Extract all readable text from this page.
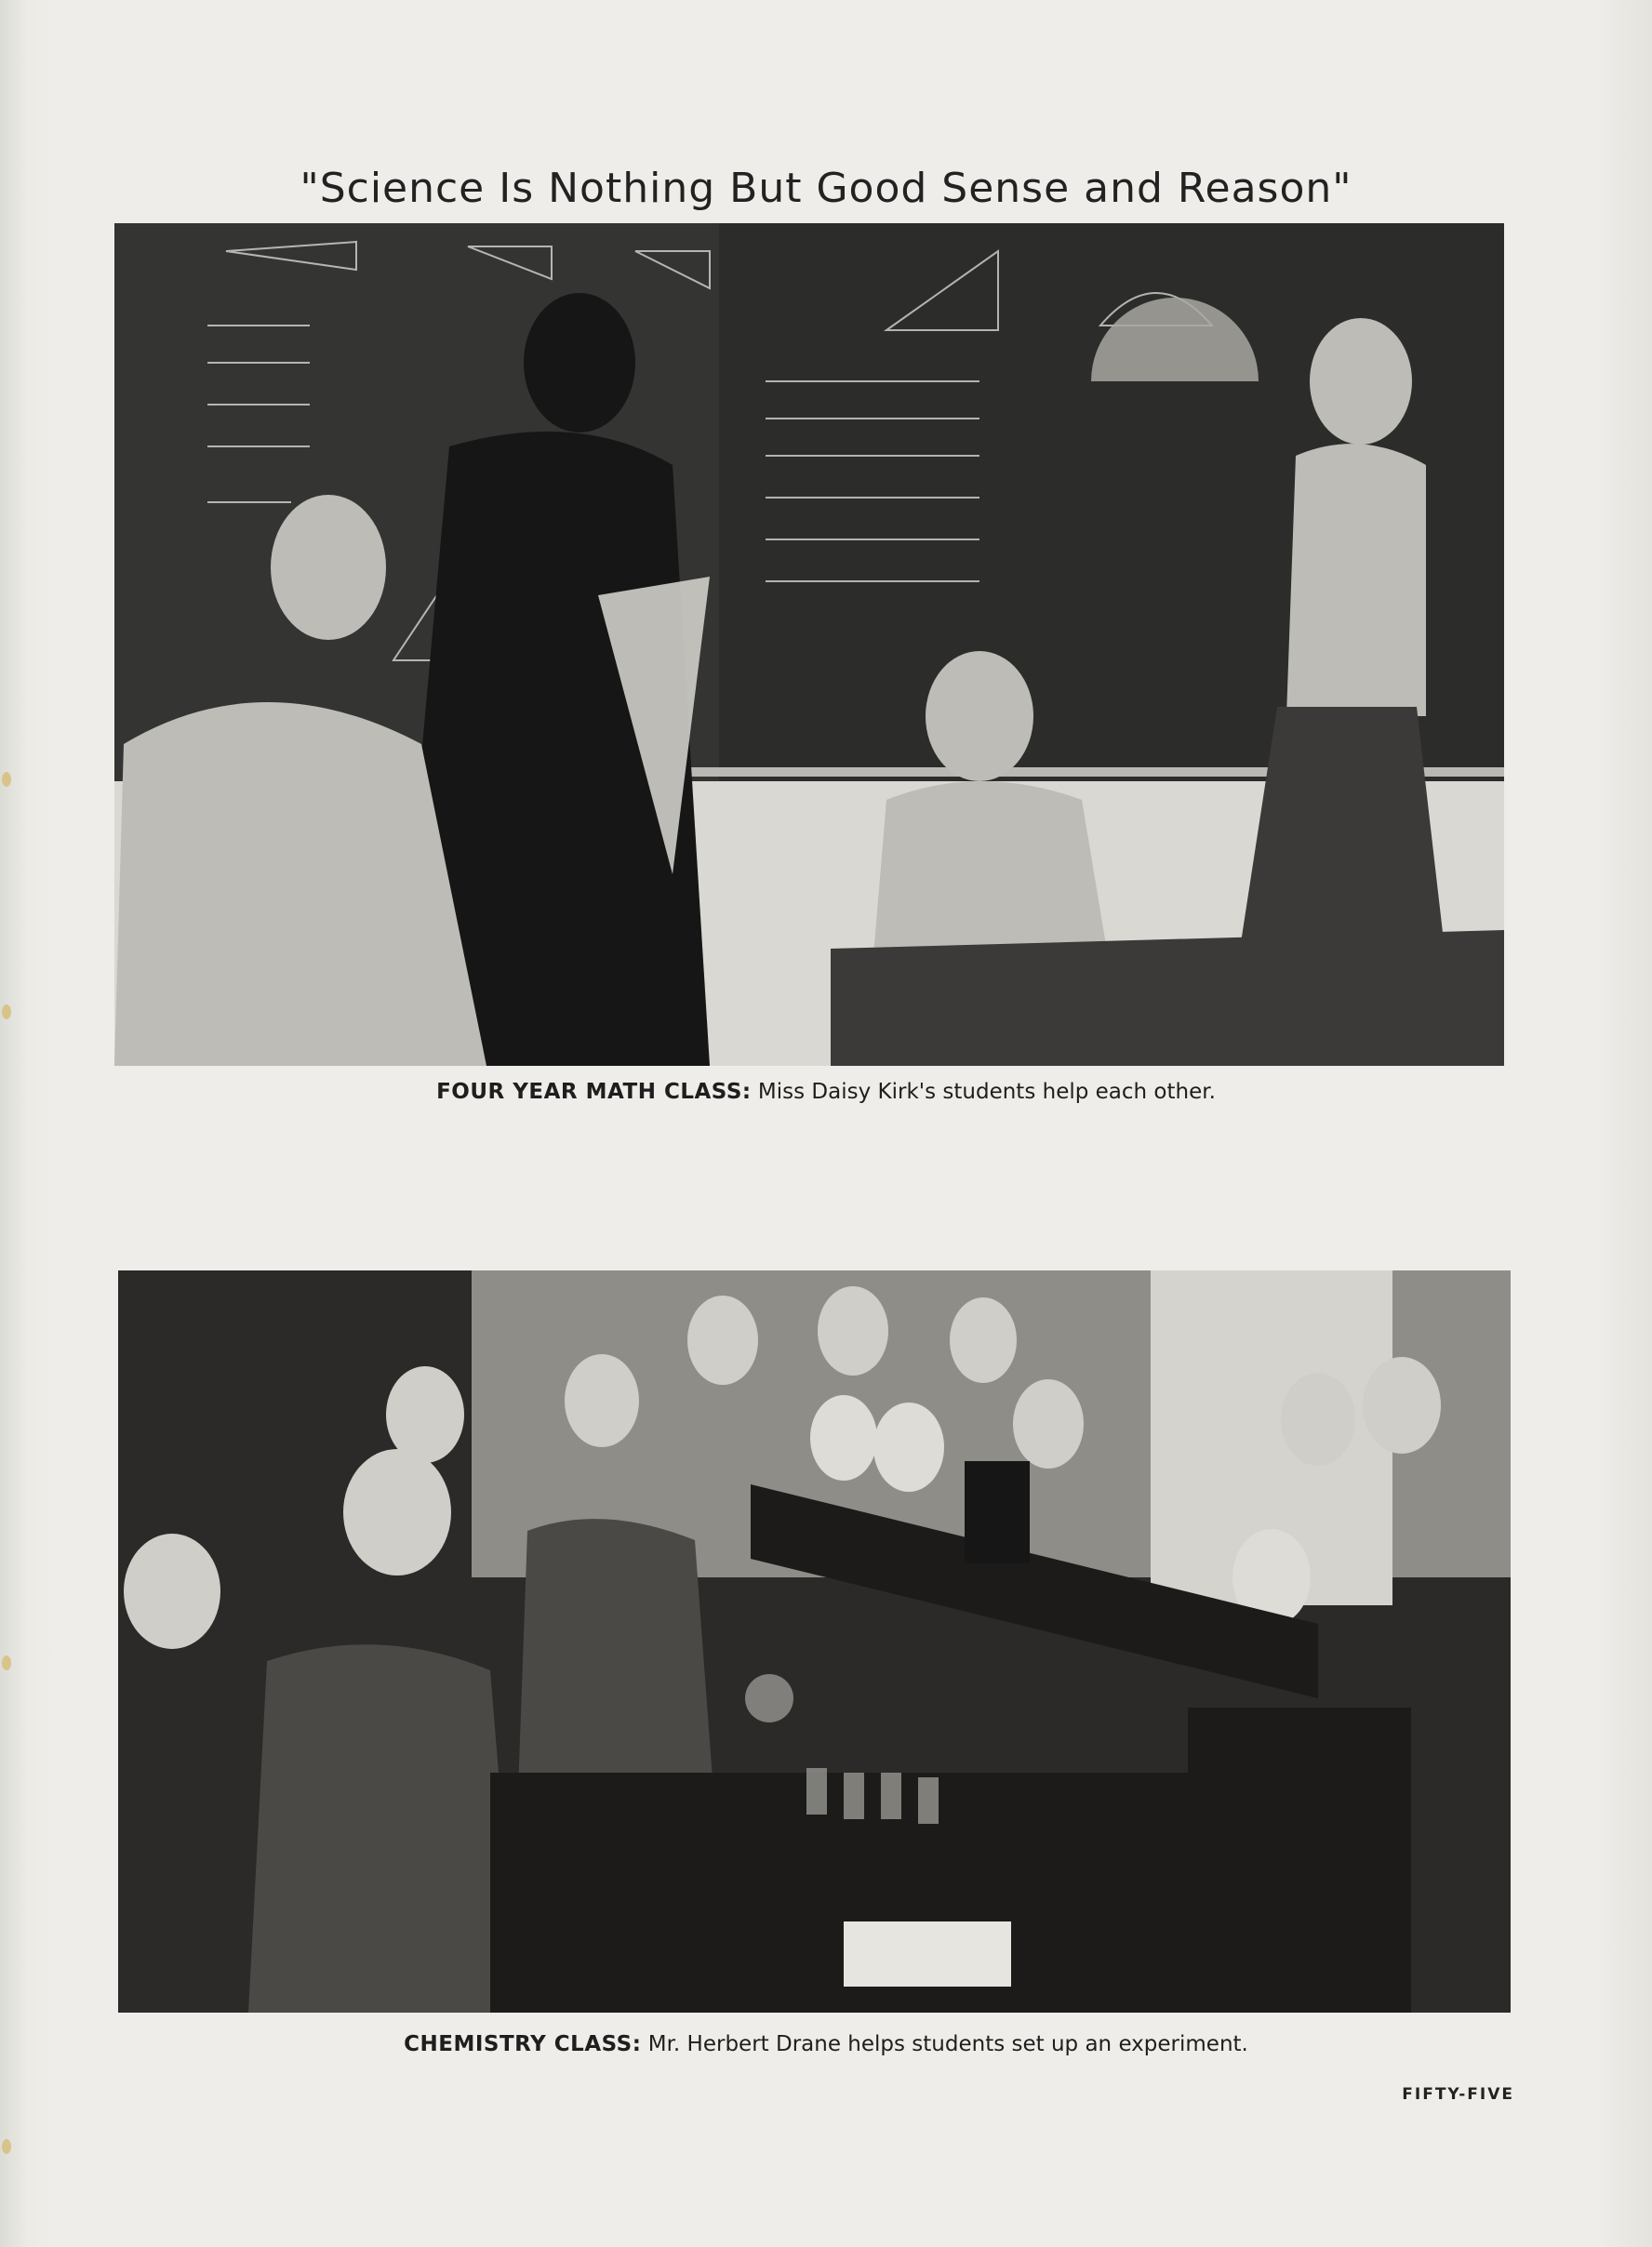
"Science Is Nothing But Good Sense and Reason"
FOUR YEAR MATH CLASS: Miss Daisy Kirk's students help each other.
CHEMISTRY CLASS: Mr. Herbert Drane helps students set up an experiment.
FIFTY-FIVE
